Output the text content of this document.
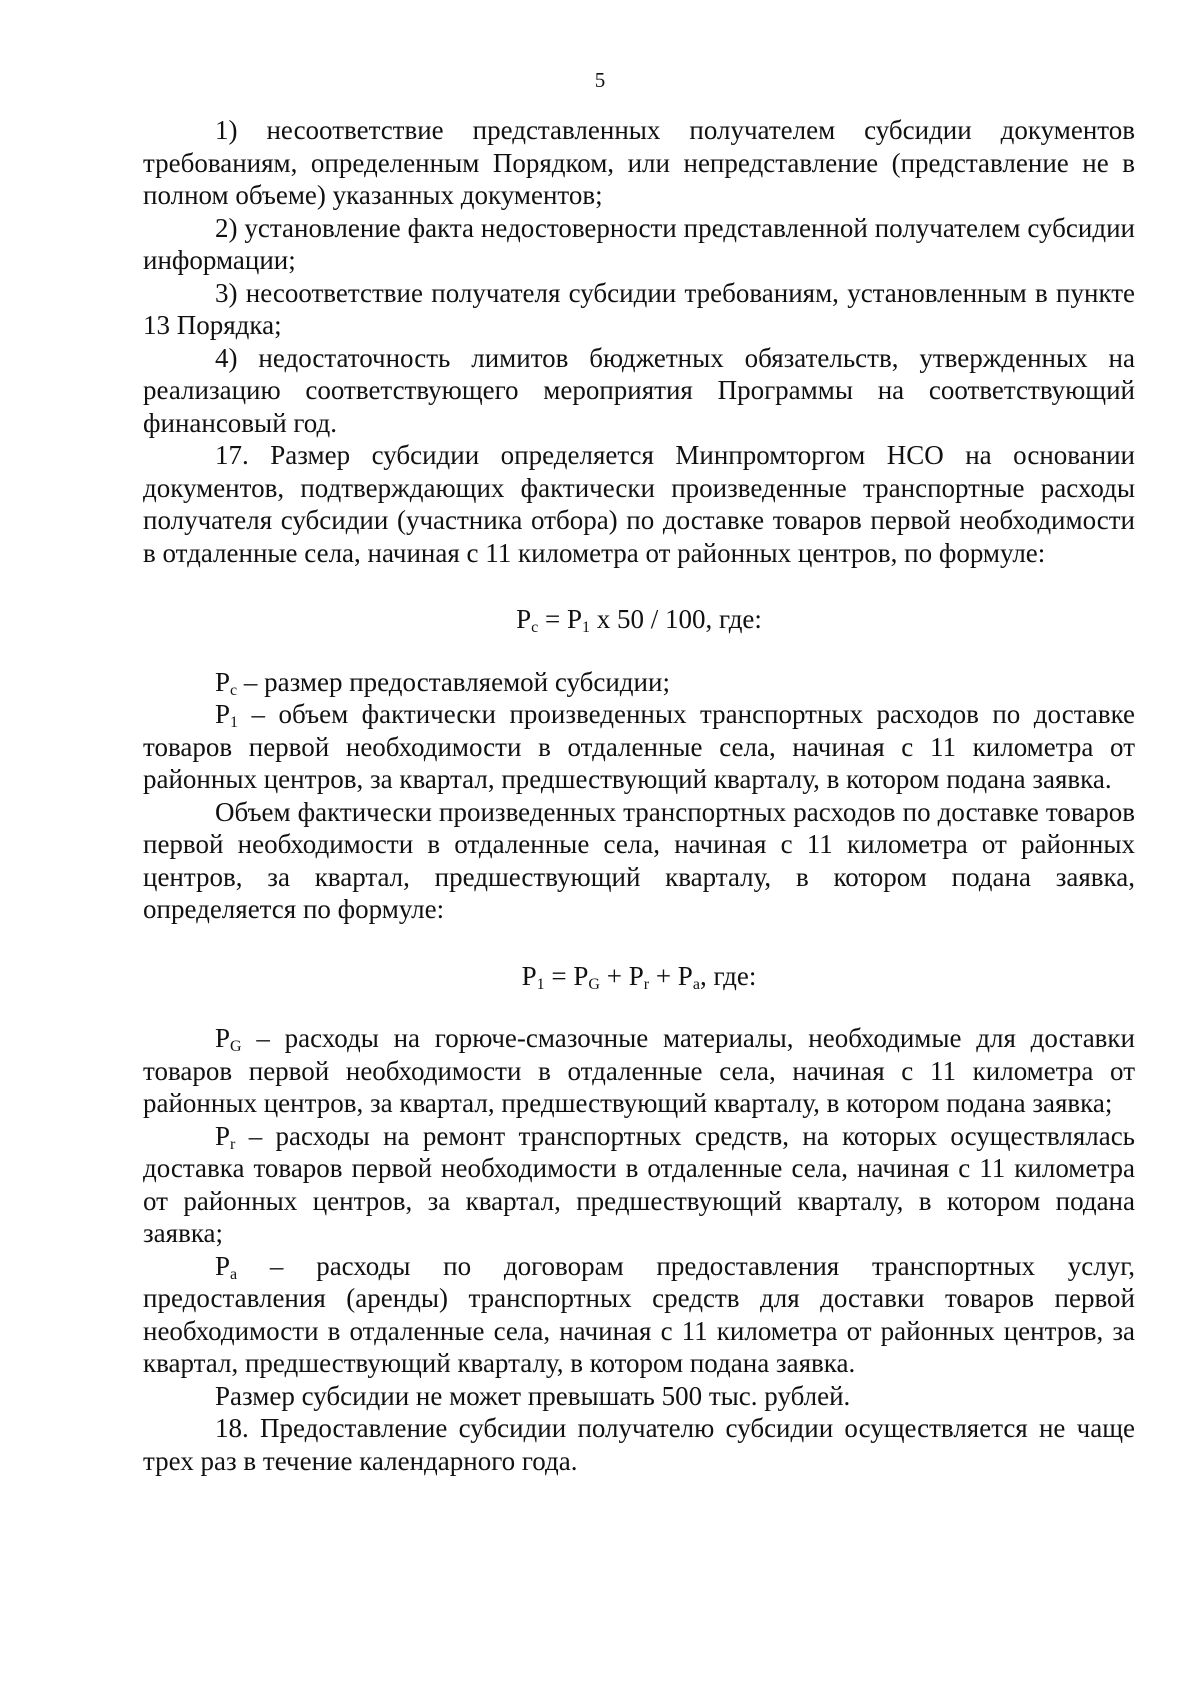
5

1) несоответствие представленных получателем субсидии документов требованиям, определенным Порядком, или непредставление (представление не в полном объеме) указанных документов;

2) установление факта недостоверности представленной получателем субсидии информации;

3) несоответствие получателя субсидии требованиям, установленным в пункте 13 Порядка;

4) недостаточность лимитов бюджетных обязательств, утвержденных на реализацию соответствующего мероприятия Программы на соответствующий финансовый год.

17. Размер субсидии определяется Минпромторгом НСО на основании документов, подтверждающих фактически произведенные транспортные расходы получателя субсидии (участника отбора) по доставке товаров первой необходимости в отдаленные села, начиная с 11 километра от районных центров, по формуле:

$Р_с = Р_1$ х 50 / 100, где:

$Р_с$ – размер предоставляемой субсидии;

$Р_1$ – объем фактически произведенных транспортных расходов по доставке товаров первой необходимости в отдаленные села, начиная с 11 километра от районных центров, за квартал, предшествующий кварталу, в котором подана заявка.

Объем фактически произведенных транспортных расходов по доставке товаров первой необходимости в отдаленные села, начиная с 11 километра от районных центров, за квартал, предшествующий кварталу, в котором подана заявка, определяется по формуле:

$Р_1 = Р_G + Р_r + Р_a$, где:

$Р_G$ – расходы на горюче-смазочные материалы, необходимые для доставки товаров первой необходимости в отдаленные села, начиная с 11 километра от районных центров, за квартал, предшествующий кварталу, в котором подана заявка;

$Р_r$ – расходы на ремонт транспортных средств, на которых осуществлялась доставка товаров первой необходимости в отдаленные села, начиная с 11 километра от районных центров, за квартал, предшествующий кварталу, в котором подана заявка;

$Р_a$ – расходы по договорам предоставления транспортных услуг, предоставления (аренды) транспортных средств для доставки товаров первой необходимости в отдаленные села, начиная с 11 километра от районных центров, за квартал, предшествующий кварталу, в котором подана заявка.

Размер субсидии не может превышать 500 тыс. рублей.

18. Предоставление субсидии получателю субсидии осуществляется не чаще трех раз в течение календарного года.
